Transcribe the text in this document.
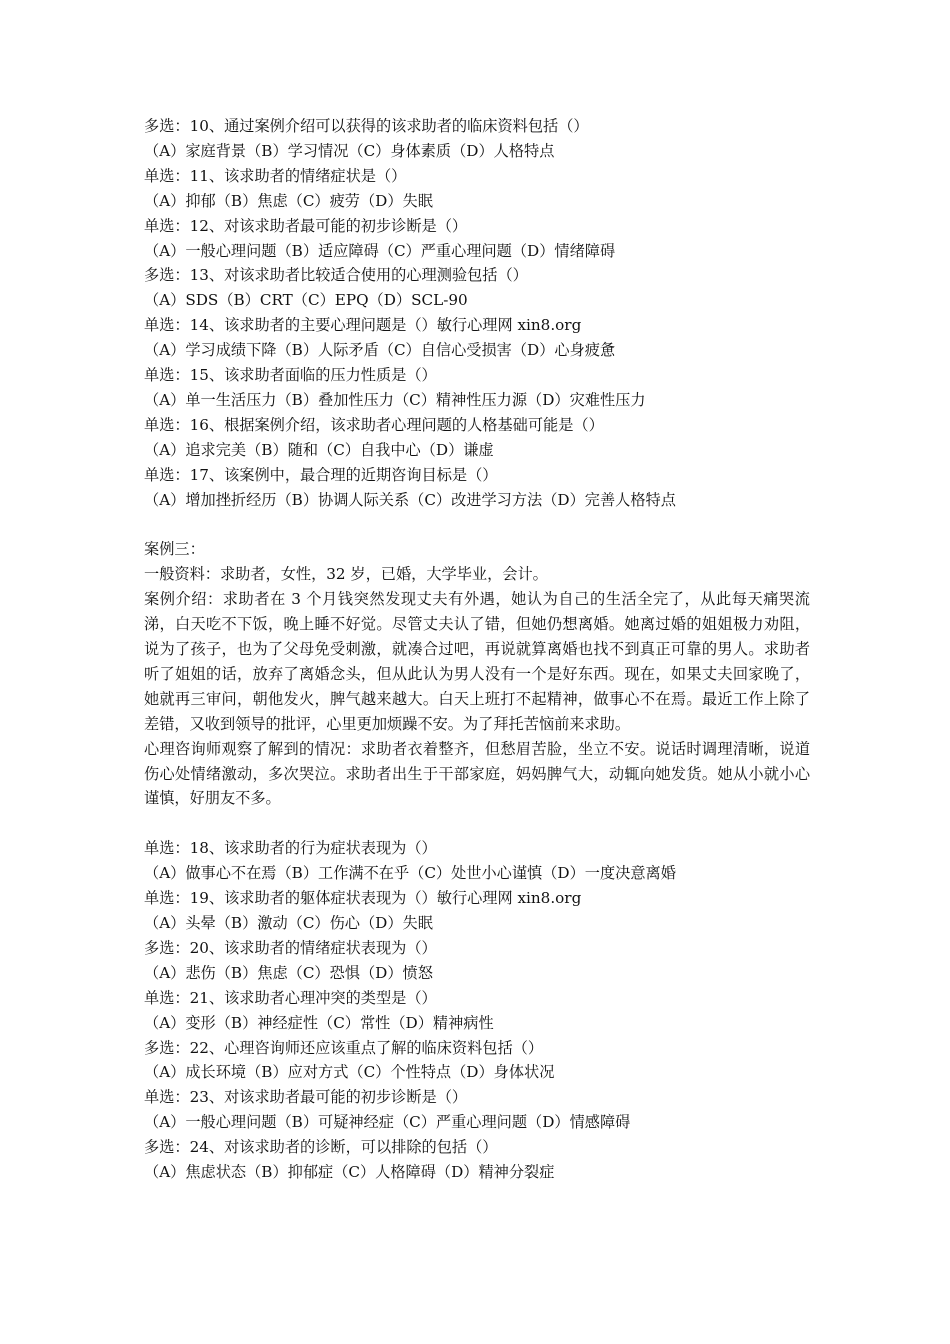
多选：10、通过案例介绍可以获得的该求助者的临床资料包括（）
（A）家庭背景（B）学习情况（C）身体素质（D）人格特点
单选：11、该求助者的情绪症状是（）
（A）抑郁（B）焦虑（C）疲劳（D）失眠
单选：12、对该求助者最可能的初步诊断是（）
（A）一般心理问题（B）适应障碍（C）严重心理问题（D）情绪障碍
多选：13、对该求助者比较适合使用的心理测验包括（）
（A）SDS（B）CRT（C）EPQ（D）SCL-90
单选：14、该求助者的主要心理问题是（）敏行心理网 xin8.org
（A）学习成绩下降（B）人际矛盾（C）自信心受损害（D）心身疲惫
单选：15、该求助者面临的压力性质是（）
（A）单一生活压力（B）叠加性压力（C）精神性压力源（D）灾难性压力
单选：16、根据案例介绍，该求助者心理问题的人格基础可能是（）
（A）追求完美（B）随和（C）自我中心（D）谦虚
单选：17、该案例中，最合理的近期咨询目标是（）
（A）增加挫折经历（B）协调人际关系（C）改进学习方法（D）完善人格特点
案例三：
一般资料：求助者，女性，32 岁，已婚，大学毕业，会计。
案例介绍：求助者在 3 个月钱突然发现丈夫有外遇，她认为自己的生活全完了，从此每天痛哭流涕，白天吃不下饭，晚上睡不好觉。尽管丈夫认了错，但她仍想离婚。她离过婚的姐姐极力劝阻，说为了孩子，也为了父母免受刺激，就凑合过吧，再说就算离婚也找不到真正可靠的男人。求助者听了姐姐的话，放弃了离婚念头，但从此认为男人没有一个是好东西。现在，如果丈夫回家晚了，她就再三审问，朝他发火，脾气越来越大。白天上班打不起精神，做事心不在焉。最近工作上除了差错，又收到领导的批评，心里更加烦躁不安。为了拜托苦恼前来求助。
心理咨询师观察了解到的情况：求助者衣着整齐，但愁眉苦脸，坐立不安。说话时调理清晰，说道伤心处情绪激动，多次哭泣。求助者出生于干部家庭，妈妈脾气大，动辄向她发货。她从小就小心谨慎，好朋友不多。
单选：18、该求助者的行为症状表现为（）
（A）做事心不在焉（B）工作满不在乎（C）处世小心谨慎（D）一度决意离婚
单选：19、该求助者的躯体症状表现为（）敏行心理网 xin8.org
（A）头晕（B）激动（C）伤心（D）失眠
多选：20、该求助者的情绪症状表现为（）
（A）悲伤（B）焦虑（C）恐惧（D）愤怒
单选：21、该求助者心理冲突的类型是（）
（A）变形（B）神经症性（C）常性（D）精神病性
多选：22、心理咨询师还应该重点了解的临床资料包括（）
（A）成长环境（B）应对方式（C）个性特点（D）身体状况
单选：23、对该求助者最可能的初步诊断是（）
（A）一般心理问题（B）可疑神经症（C）严重心理问题（D）情感障碍
多选：24、对该求助者的诊断，可以排除的包括（）
（A）焦虑状态（B）抑郁症（C）人格障碍（D）精神分裂症
